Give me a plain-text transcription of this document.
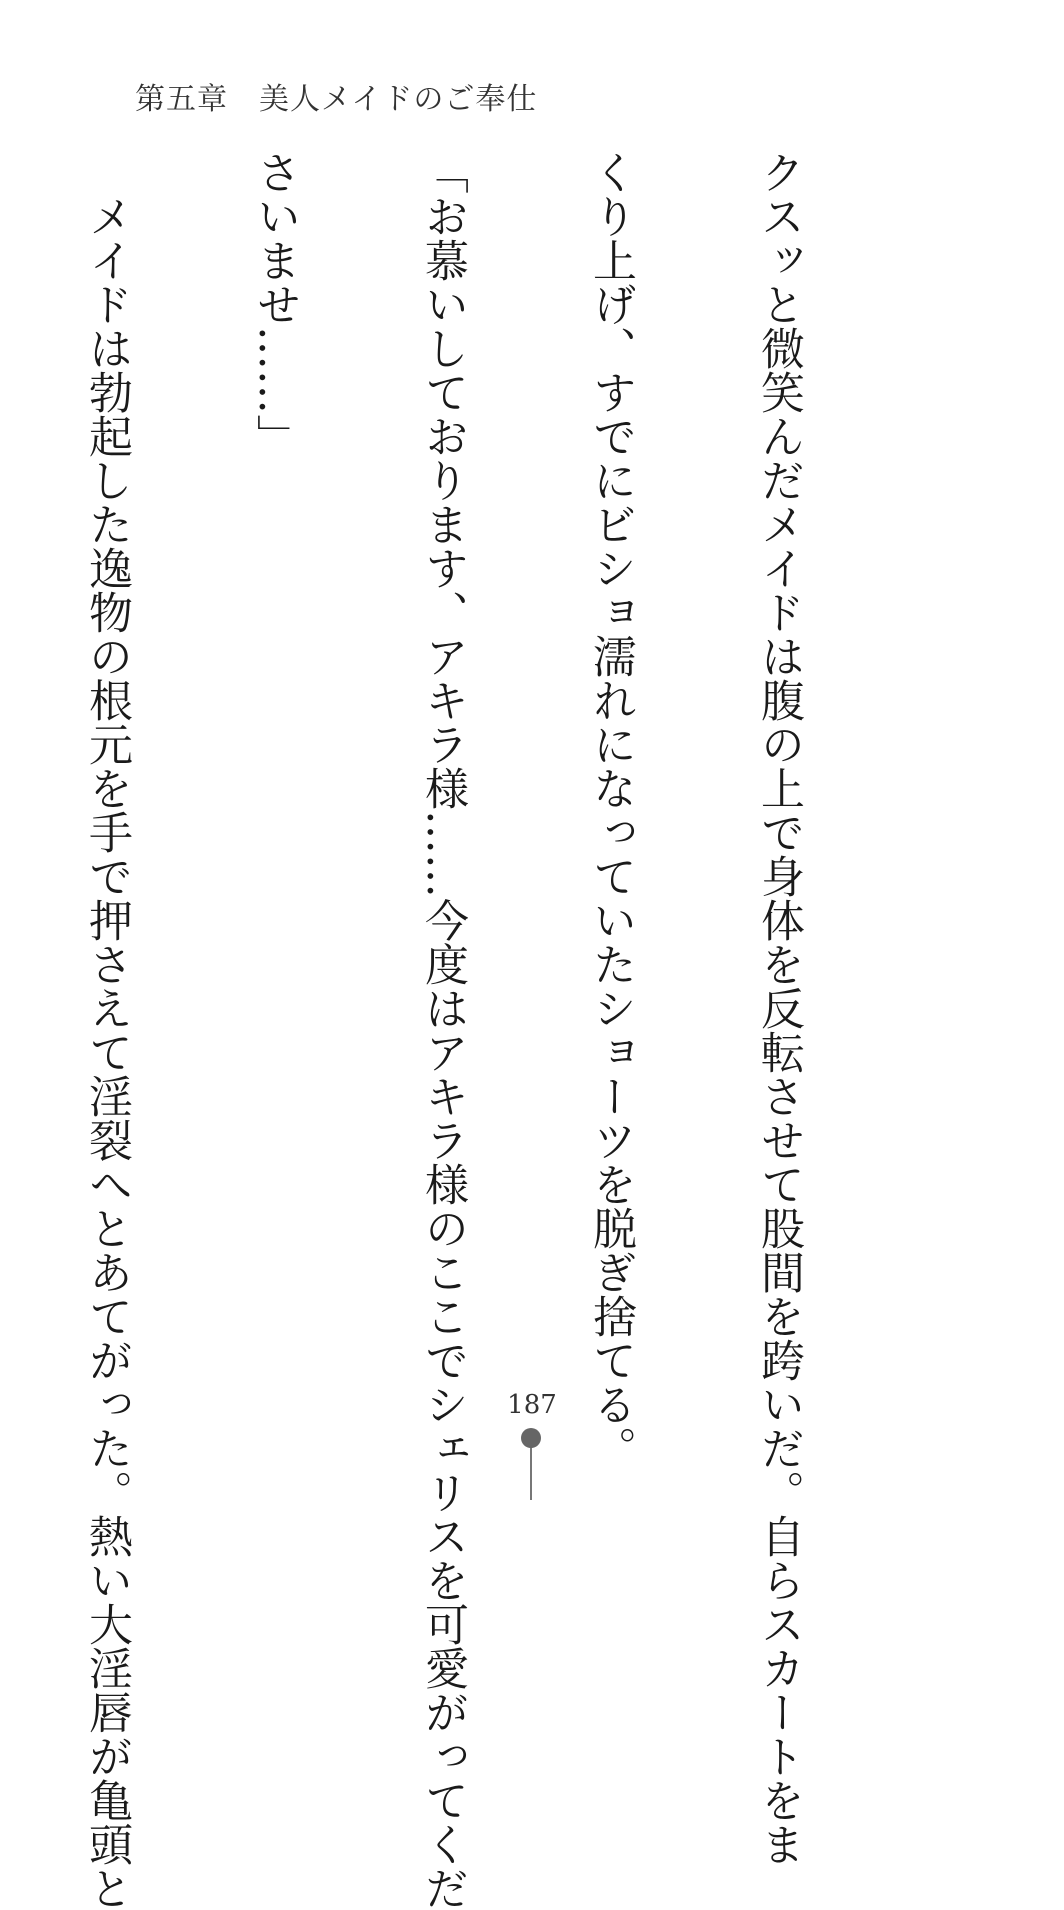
第五章　美人メイドのご奉仕

クスッと微笑んだメイドは腹の上で身体を反転させて股間を跨いだ。自らスカートをま

くり上げ、すでにビショ濡れになっていたショーツを脱ぎ捨てる。

「お慕いしております、アキラ様……今度はアキラ様のここでシェリスを可愛がってくだ

さいませ……」

　メイドは勃起した逸物の根元を手で押さえて淫裂へとあてがった。熱い大淫唇が亀頭と

	187
